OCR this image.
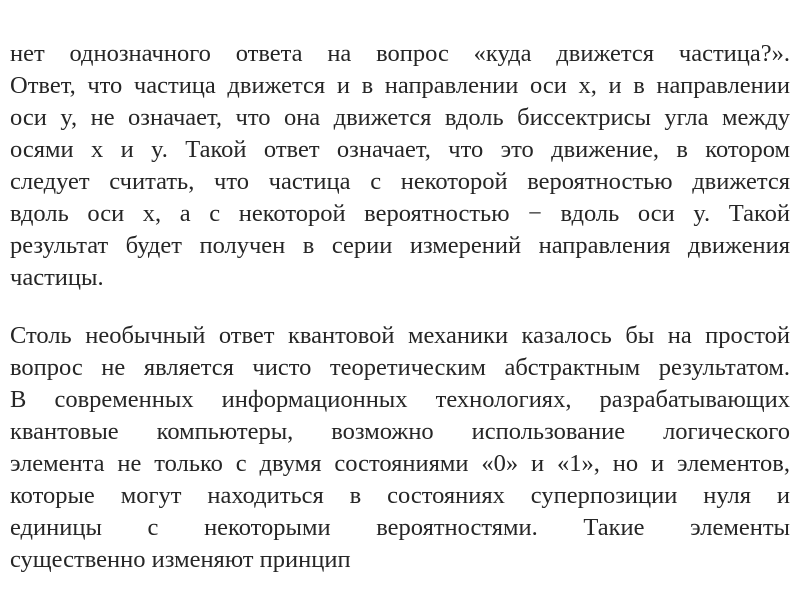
нет однозначного ответа на вопрос «куда движется частица?».
Ответ, что частица движется и в направлении оси x, и в направлении
оси y, не означает, что она движется вдоль биссектрисы угла между
осями x и y. Такой ответ означает, что это движение, в котором
следует считать, что частица с некоторой вероятностью движется
вдоль оси x, а с некоторой вероятностью − вдоль оси y. Такой
результат будет получен в серии измерений направления движения
частицы.
Столь необычный ответ квантовой механики казалось бы на простой
вопрос не является чисто теоретическим абстрактным результатом.
В современных информационных технологиях, разрабатывающих
квантовые компьютеры, возможно использование логического
элемента не только с двумя состояниями «0» и «1», но и элементов,
которые могут находиться в состояниях суперпозиции нуля и
единицы с некоторыми вероятностями. Такие элементы
существенно изменяют принцип
